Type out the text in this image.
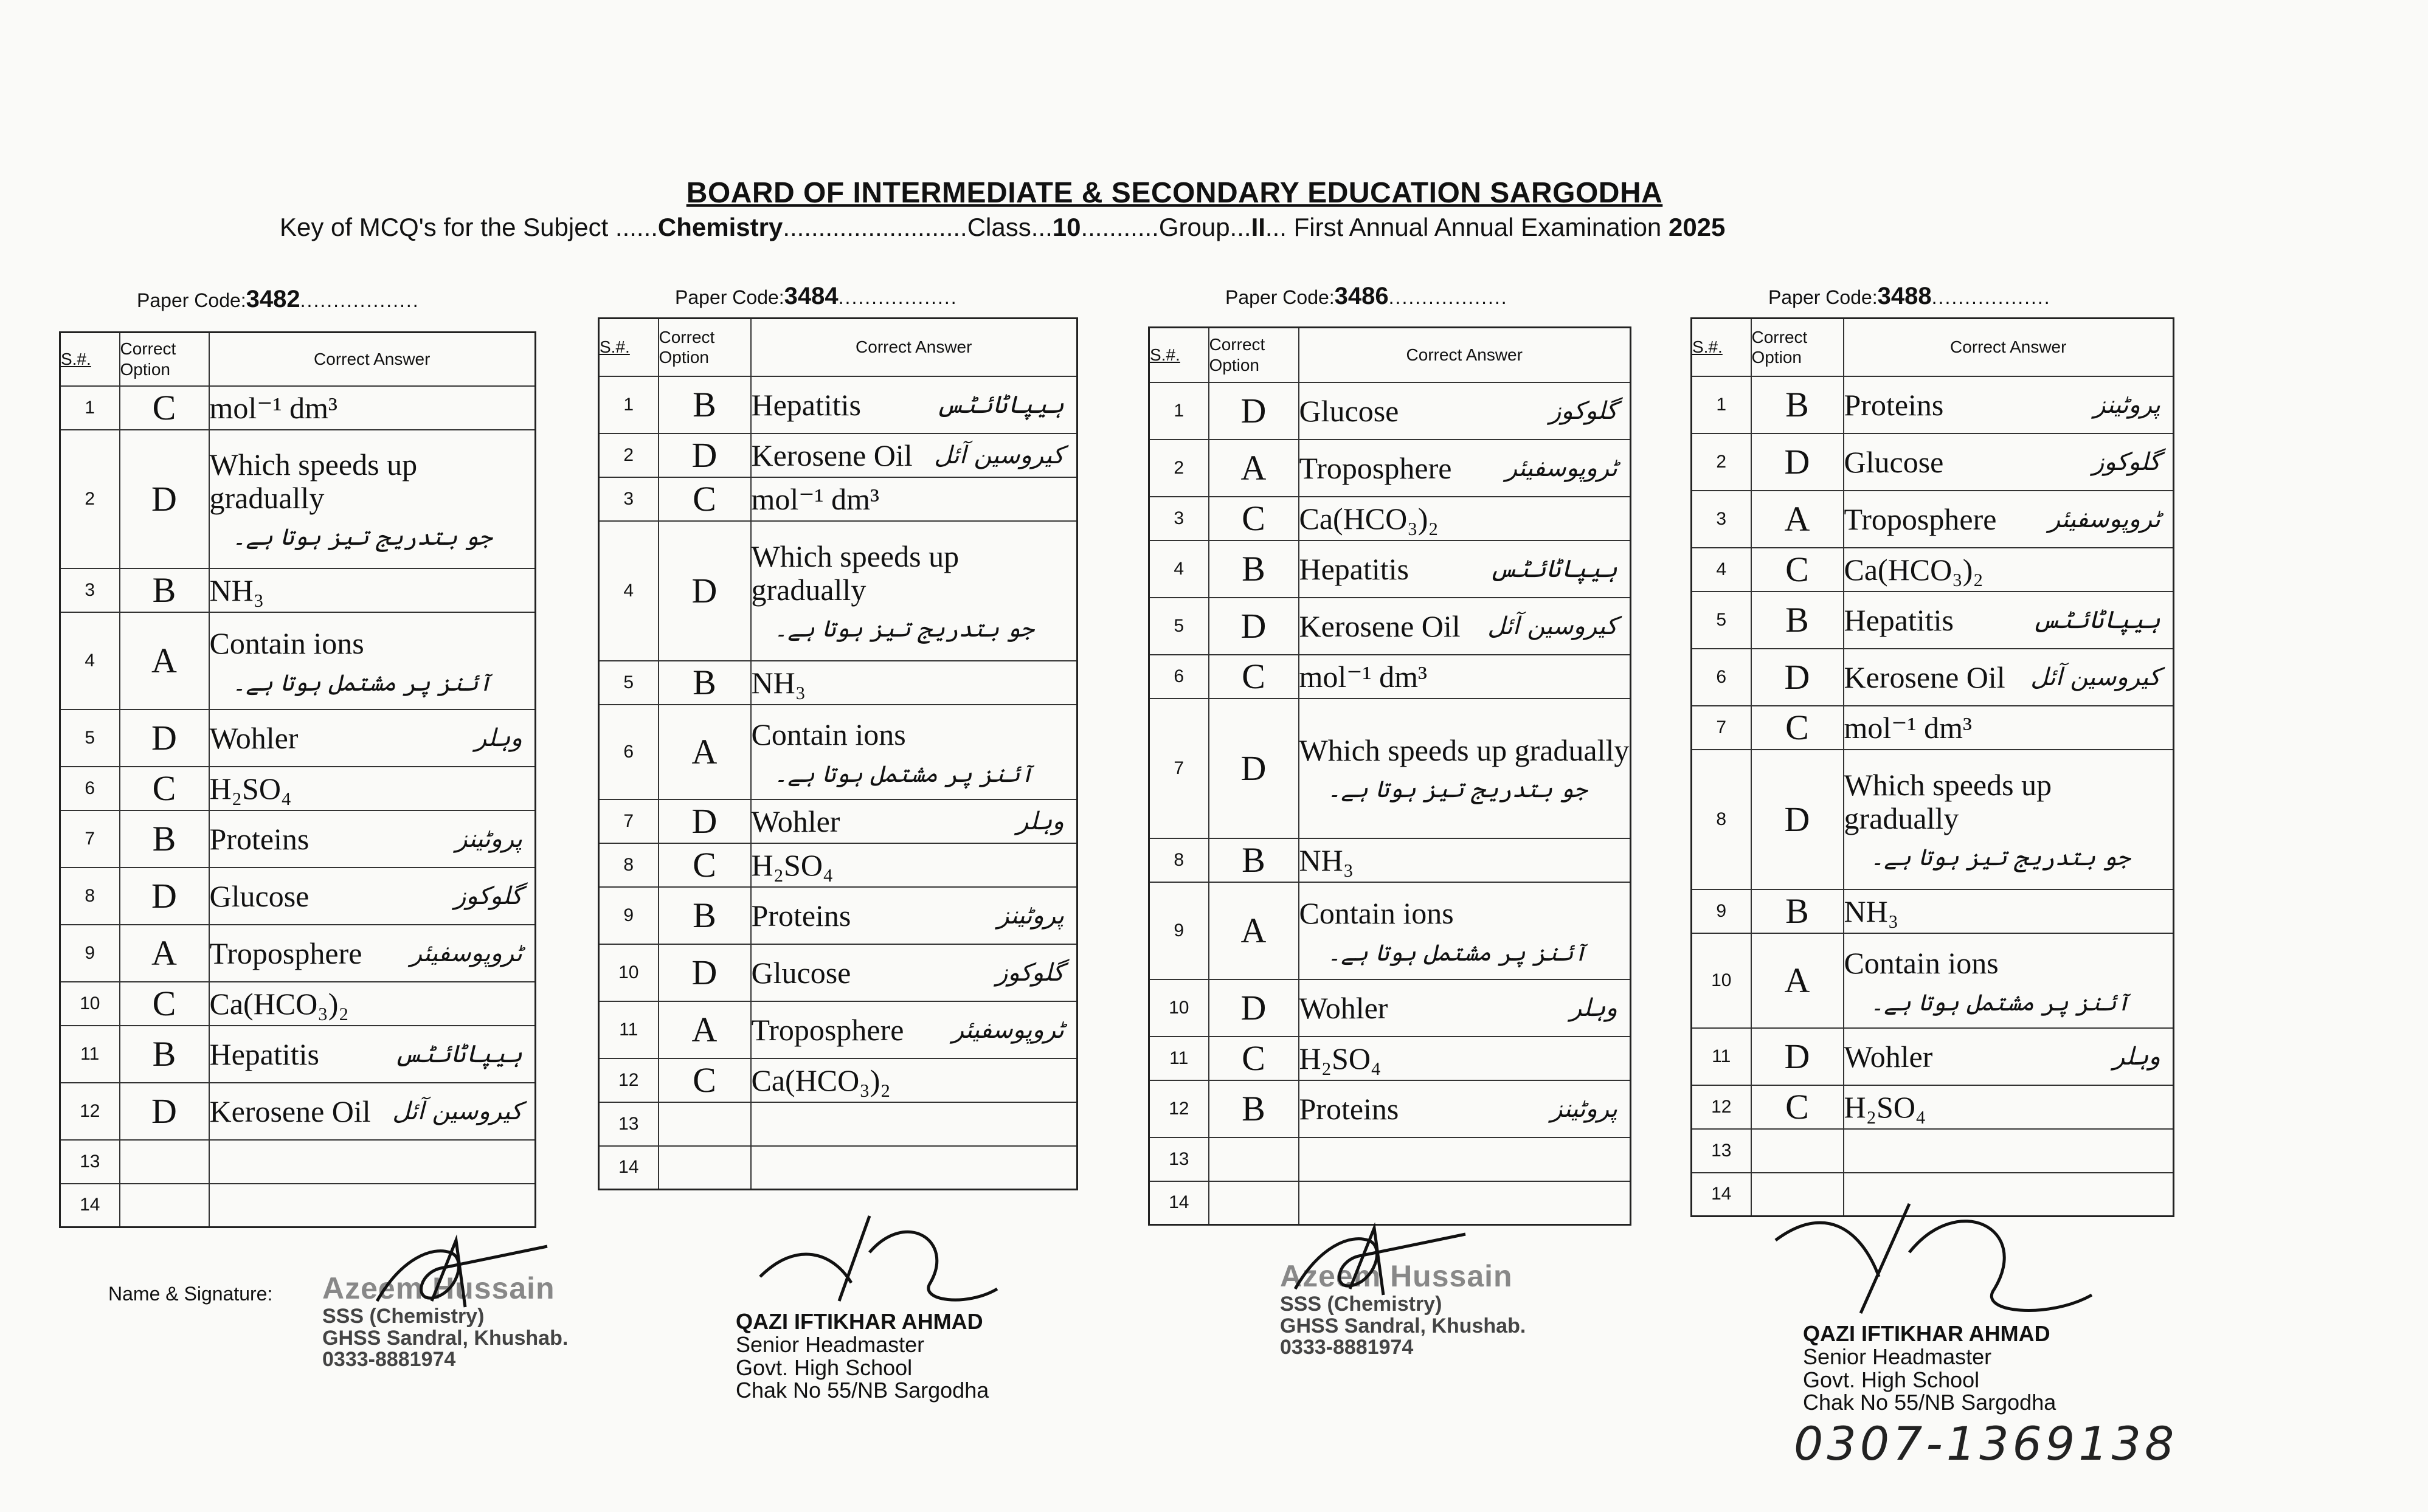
BOARD OF INTERMEDIATE & SECONDARY EDUCATION SARGODHA
Key of MCQ's for the Subject ......Chemistry..........................Class...10...........Group...II... First Annual Annual Examination 2025
Paper Code:3482..................
S.#.	Correct Option	Correct Answer
1	C	mol⁻¹ dm³

2	D	Which speeds up gradually
جو بتدریج تیز ہوتا ہے۔

3	B	NH₃

4	A	Contain ions
آئنز پر مشتمل ہوتا ہے۔

5	D	Wohler وہلر

6	C	H₂SO₄

7	B	Proteins پروٹینز

8	D	Glucose گلوکوز

9	A	Troposphere ٹروپوسفیئر

10	C	Ca(HCO₃)₂

11	B	Hepatitis ہیپاٹائٹس

12	D	Kerosene Oil کیروسین آئل

13		

14		
Paper Code:3484..................
S.#.	Correct Option	Correct Answer
1	B	Hepatitis ہیپاٹائٹس

2	D	Kerosene Oil کیروسین آئل

3	C	mol⁻¹ dm³

4	D	Which speeds up gradually
جو بتدریج تیز ہوتا ہے۔

5	B	NH₃

6	A	Contain ions
آئنز پر مشتمل ہوتا ہے۔

7	D	Wohler وہلر

8	C	H₂SO₄

9	B	Proteins پروٹینز

10	D	Glucose گلوکوز

11	A	Troposphere ٹروپوسفیئر

12	C	Ca(HCO₃)₂

13		

14		
Paper Code:3486..................
S.#.	Correct Option	Correct Answer
1	D	Glucose گلوکوز

2	A	Troposphere ٹروپوسفیئر

3	C	Ca(HCO₃)₂

4	B	Hepatitis ہیپاٹائٹس

5	D	Kerosene Oil کیروسین آئل

6	C	mol⁻¹ dm³

7	D	Which speeds up gradually
جو بتدریج تیز ہوتا ہے۔

8	B	NH₃

9	A	Contain ions
آئنز پر مشتمل ہوتا ہے۔

10	D	Wohler وہلر

11	C	H₂SO₄

12	B	Proteins پروٹینز

13		

14		
Paper Code:3488..................
S.#.	Correct Option	Correct Answer
1	B	Proteins پروٹینز

2	D	Glucose گلوکوز

3	A	Troposphere ٹروپوسفیئر

4	C	Ca(HCO₃)₂

5	B	Hepatitis ہیپاٹائٹس

6	D	Kerosene Oil کیروسین آئل

7	C	mol⁻¹ dm³

8	D	Which speeds up gradually
جو بتدریج تیز ہوتا ہے۔

9	B	NH₃

10	A	Contain ions
آئنز پر مشتمل ہوتا ہے۔

11	D	Wohler وہلر

12	C	H₂SO₄

13		

14		
Name & Signature: Azeem Hussain
SSS (Chemistry)
GHSS Sandral, Khushab.
0333-8881974
QAZI IFTIKHAR AHMAD
Senior Headmaster
Govt. High School
Chak No 55/NB Sargodha
Azeem Hussain
SSS (Chemistry)
GHSS Sandral, Khushab.
0333-8881974
QAZI IFTIKHAR AHMAD
Senior Headmaster
Govt. High School
Chak No 55/NB Sargodha
0307-1369138
